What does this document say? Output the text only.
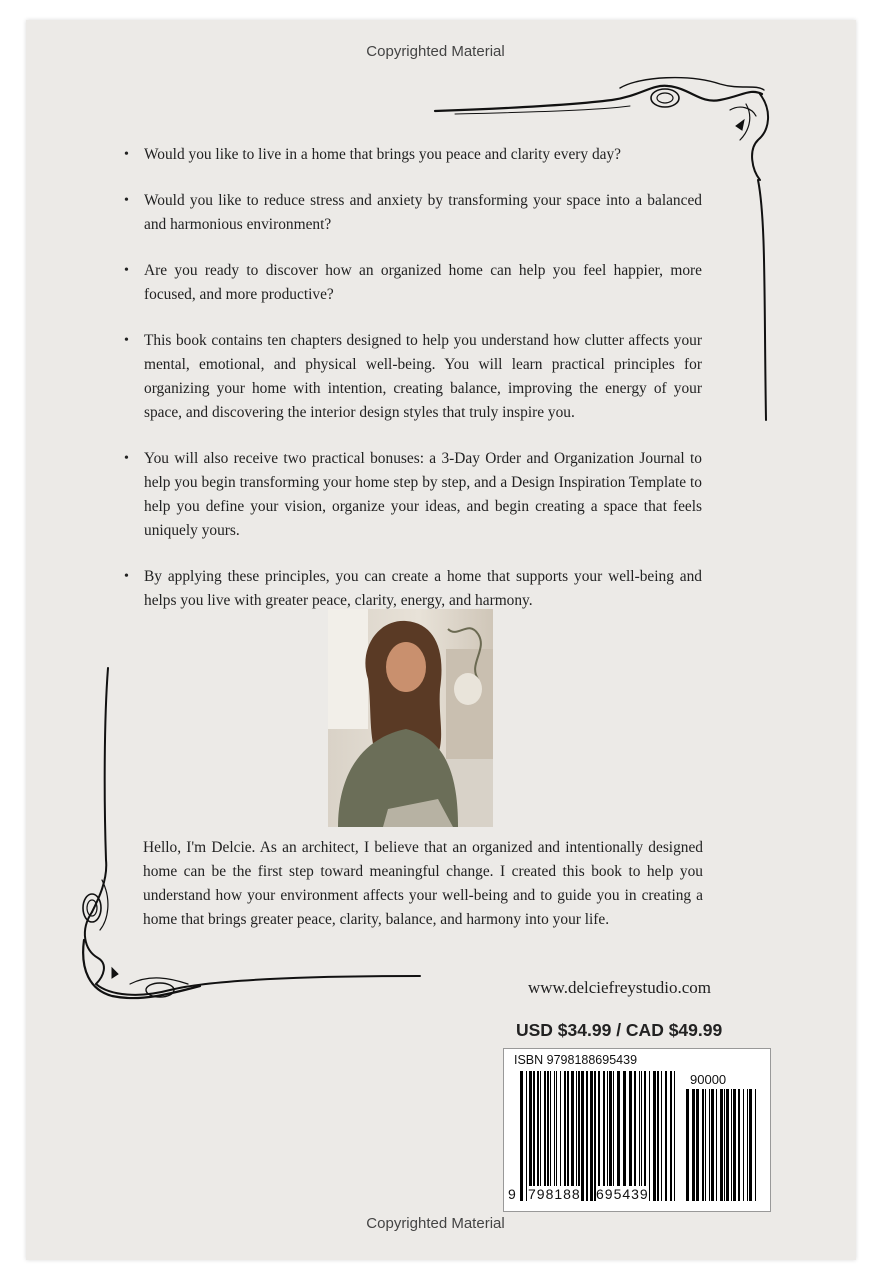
Copyrighted Material
• Would you like to live in a home that brings you peace and clarity every day?
• Would you like to reduce stress and anxiety by transforming your space into a balanced and harmonious environment?
• Are you ready to discover how an organized home can help you feel happier, more focused, and more productive?
• This book contains ten chapters designed to help you understand how clutter affects your mental, emotional, and physical well-being. You will learn practical principles for organizing your home with intention, creating balance, improving the energy of your space, and discovering the interior design styles that truly inspire you.
• You will also receive two practical bonuses: a 3-Day Order and Organization Journal to help you begin transforming your home step by step, and a Design Inspiration Template to help you define your vision, organize your ideas, and begin creating a space that feels uniquely yours.
• By applying these principles, you can create a home that supports your well-being and helps you live with greater peace, clarity, energy, and harmony.
Hello, I'm Delcie. As an architect, I believe that an organized and intentionally designed home can be the first step toward meaningful change. I created this book to help you understand how your environment affects your well-being and to guide you in creating a home that brings greater peace, clarity, balance, and harmony into your life.
www.delciefreystudio.com
USD $34.99 / CAD $49.99
ISBN 9798188695439
90000
9 798188 695439
Copyrighted Material
